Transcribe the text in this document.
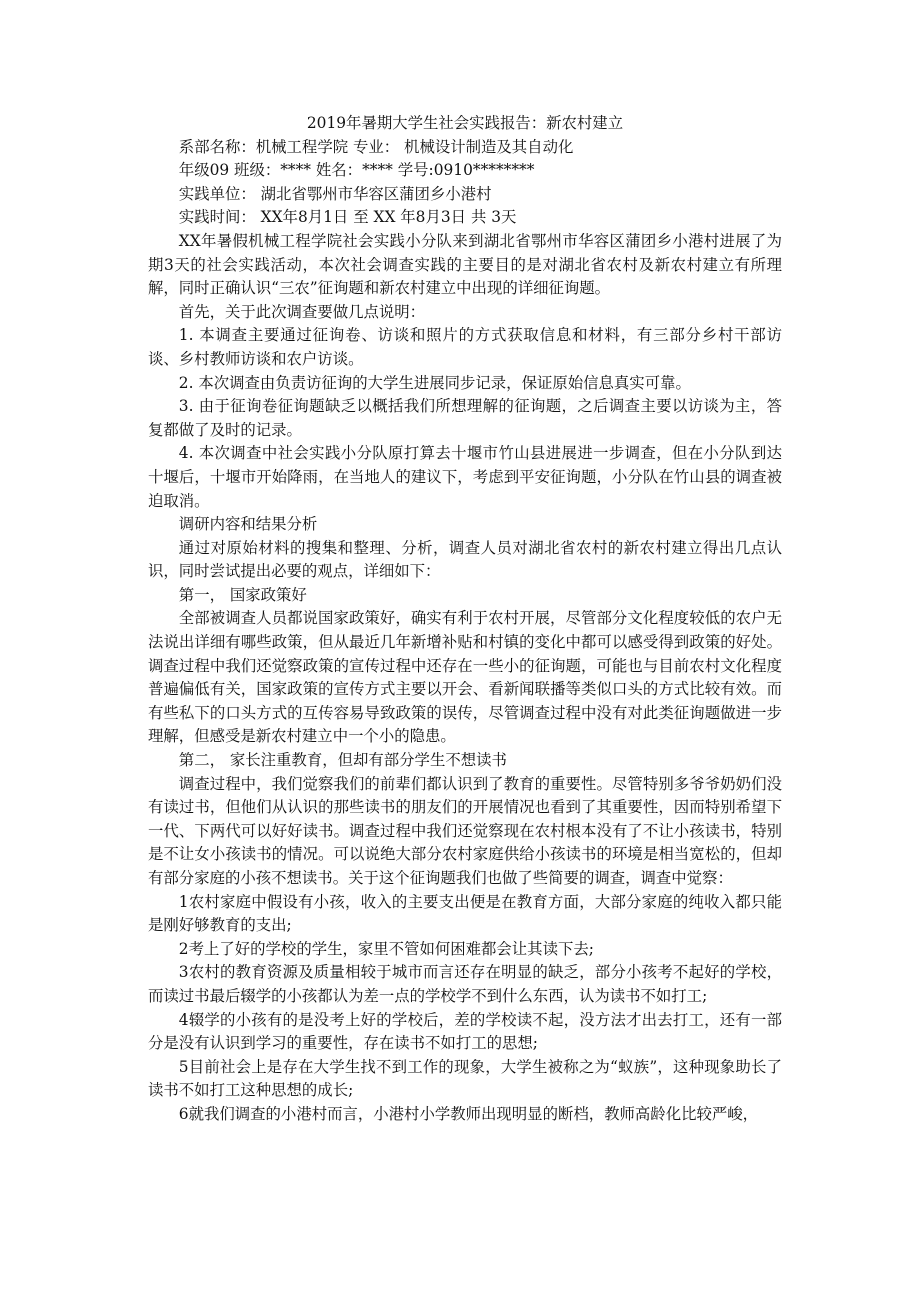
2019年暑期大学生社会实践报告：新农村建立

系部名称：机械工程学院 专业： 机械设计制造及其自动化

年级09 班级：**** 姓名：**** 学号:0910********

实践单位： 湖北省鄂州市华容区蒲团乡小港村

实践时间： XX年8月1日 至 XX 年8月3日 共 3天

XX年暑假机械工程学院社会实践小分队来到湖北省鄂州市华容区蒲团乡小港村进展了为期3天的社会实践活动，本次社会调查实践的主要目的是对湖北省农村及新农村建立有所理解，同时正确认识“三农”征询题和新农村建立中出现的详细征询题。

首先，关于此次调查要做几点说明：

1. 本调查主要通过征询卷、访谈和照片的方式获取信息和材料，有三部分乡村干部访谈、乡村教师访谈和农户访谈。

2. 本次调查由负责访征询的大学生进展同步记录，保证原始信息真实可靠。

3. 由于征询卷征询题缺乏以概括我们所想理解的征询题，之后调查主要以访谈为主，答复都做了及时的记录。

4. 本次调查中社会实践小分队原打算去十堰市竹山县进展进一步调查，但在小分队到达十堰后，十堰市开始降雨，在当地人的建议下，考虑到平安征询题，小分队在竹山县的调查被迫取消。

调研内容和结果分析

通过对原始材料的搜集和整理、分析，调查人员对湖北省农村的新农村建立得出几点认识，同时尝试提出必要的观点，详细如下：

第一， 国家政策好

全部被调查人员都说国家政策好，确实有利于农村开展，尽管部分文化程度较低的农户无法说出详细有哪些政策，但从最近几年新增补贴和村镇的变化中都可以感受得到政策的好处。调查过程中我们还觉察政策的宣传过程中还存在一些小的征询题，可能也与目前农村文化程度普遍偏低有关，国家政策的宣传方式主要以开会、看新闻联播等类似口头的方式比较有效。而有些私下的口头方式的互传容易导致政策的误传，尽管调查过程中没有对此类征询题做进一步理解，但感受是新农村建立中一个小的隐患。

第二， 家长注重教育，但却有部分学生不想读书

调查过程中，我们觉察我们的前辈们都认识到了教育的重要性。尽管特别多爷爷奶奶们没有读过书，但他们从认识的那些读书的朋友们的开展情况也看到了其重要性，因而特别希望下一代、下两代可以好好读书。调查过程中我们还觉察现在农村根本没有了不让小孩读书，特别是不让女小孩读书的情况。可以说绝大部分农村家庭供给小孩读书的环境是相当宽松的，但却有部分家庭的小孩不想读书。关于这个征询题我们也做了些简要的调查，调查中觉察：

1农村家庭中假设有小孩，收入的主要支出便是在教育方面，大部分家庭的纯收入都只能是刚好够教育的支出;

2考上了好的学校的学生，家里不管如何困难都会让其读下去;

3农村的教育资源及质量相较于城市而言还存在明显的缺乏，部分小孩考不起好的学校，而读过书最后辍学的小孩都认为差一点的学校学不到什么东西，认为读书不如打工;

4辍学的小孩有的是没考上好的学校后，差的学校读不起，没方法才出去打工，还有一部分是没有认识到学习的重要性，存在读书不如打工的思想;

5目前社会上是存在大学生找不到工作的现象，大学生被称之为“蚁族”，这种现象助长了读书不如打工这种思想的成长;

6就我们调查的小港村而言，小港村小学教师出现明显的断档，教师高龄化比较严峻，
